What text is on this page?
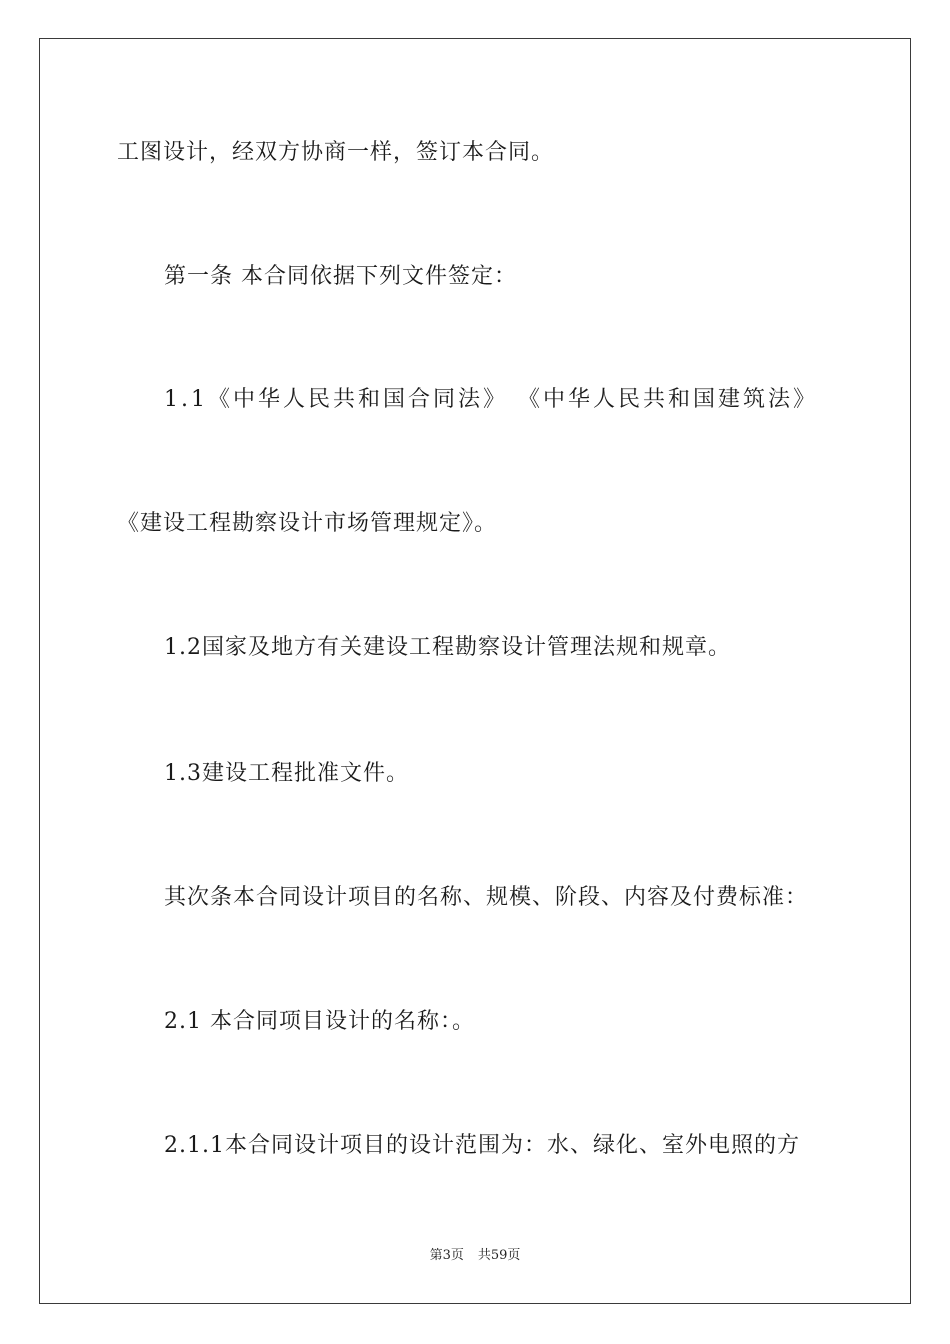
工图设计，经双方协商一样，签订本合同。
第一条 本合同依据下列文件签定：
1.1《中华人民共和国合同法》 《中华人民共和国建筑法》
《建设工程勘察设计市场管理规定》。
1.2国家及地方有关建设工程勘察设计管理法规和规章。
1.3建设工程批准文件。
其次条本合同设计项目的名称、规模、阶段、内容及付费标准：
2.1 本合同项目设计的名称：。
2.1.1本合同设计项目的设计范围为：水、绿化、室外电照的方
第3页 共59页
